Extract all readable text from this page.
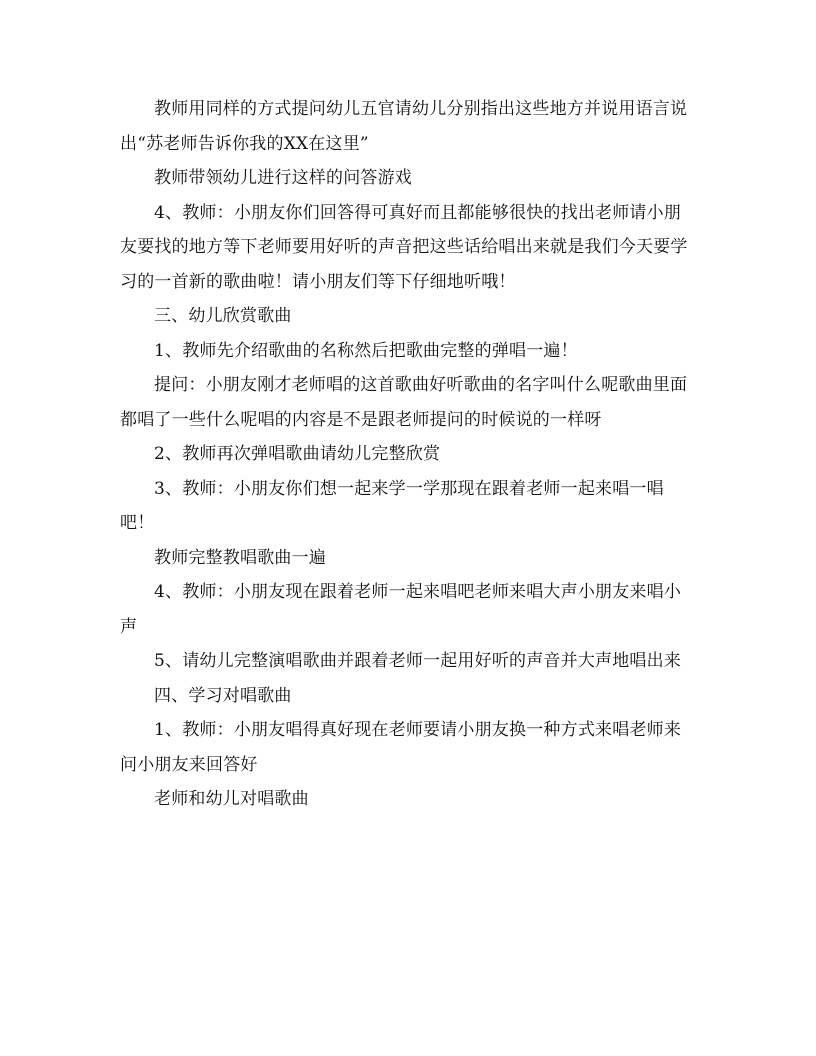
教师用同样的方式提问幼儿五官请幼儿分别指出这些地方并说用语言说出“苏老师告诉你我的XX在这里”

教师带领幼儿进行这样的问答游戏

4、教师：小朋友你们回答得可真好而且都能够很快的找出老师请小朋友要找的地方等下老师要用好听的声音把这些话给唱出来就是我们今天要学习的一首新的歌曲啦！请小朋友们等下仔细地听哦！

三、幼儿欣赏歌曲

1、教师先介绍歌曲的名称然后把歌曲完整的弹唱一遍！

提问：小朋友刚才老师唱的这首歌曲好听歌曲的名字叫什么呢歌曲里面都唱了一些什么呢唱的内容是不是跟老师提问的时候说的一样呀

2、教师再次弹唱歌曲请幼儿完整欣赏

3、教师：小朋友你们想一起来学一学那现在跟着老师一起来唱一唱吧！

教师完整教唱歌曲一遍

4、教师：小朋友现在跟着老师一起来唱吧老师来唱大声小朋友来唱小声

5、请幼儿完整演唱歌曲并跟着老师一起用好听的声音并大声地唱出来

四、学习对唱歌曲

1、教师：小朋友唱得真好现在老师要请小朋友换一种方式来唱老师来问小朋友来回答好

老师和幼儿对唱歌曲
